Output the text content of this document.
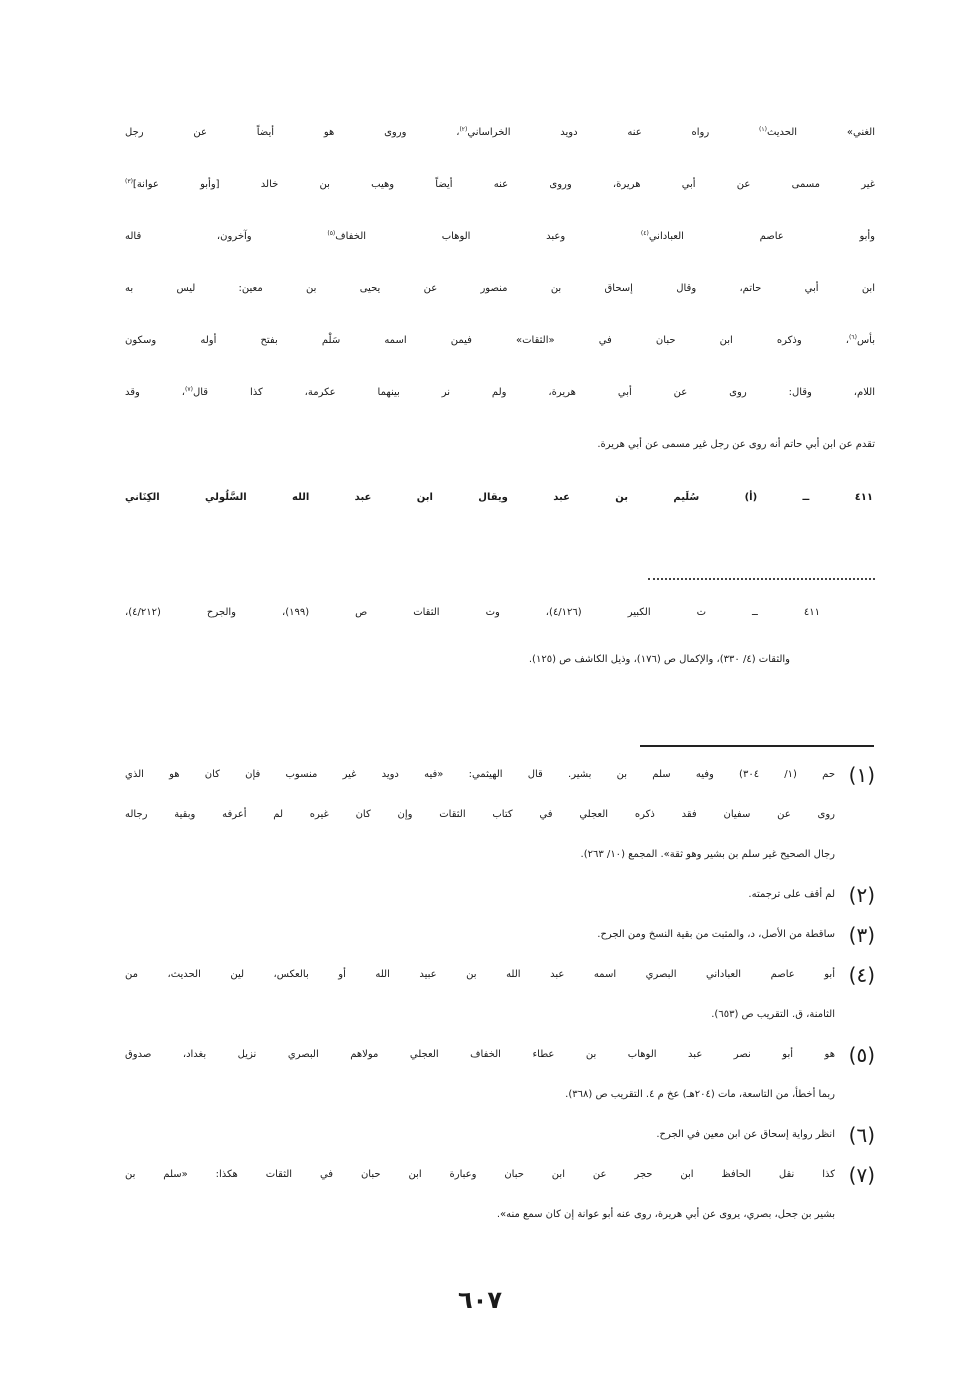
الغني» الحديث$^{(١)}$ رواه عنه دويد الخراساني$^{(٢)}$، وروى هو أيضاً عن رجل
غير مسمى عن أبي هريرة، وروى عنه أيضاً وهيب بن خالد [وأبو عوانة]$^{(٣)}$
وأبو عاصم العباداني$^{(٤)}$ وعبد الوهاب الخفاف$^{(٥)}$ وآخرون، قاله
ابن أبي حاتم، وقال إسحاق بن منصور عن يحيى بن معين: ليس به
بأس$^{(٦)}$، وذكره ابن حبان في «الثقات» فيمن اسمه سَلْم بفتح أوله وسكون
اللام، وقال: روى عن أبي هريرة، ولم نر بينهما عكرمة، كذا قال$^{(٧)}$، وقد
تقدم عن ابن أبي حاتم أنه روى عن رجل غير مسمى عن أبي هريرة.
٤١١ ــ (أ) سُلَيم بن عبد ويقال ابن عبد الله السَّلُولي الكِنَاني
٤١١ ــ ت الكبير (٤/١٢٦)، وت الثقات ص (١٩٩)، والجرح (٤/٢١٢)،
والثقات (٤/ ٣٣٠)، والإكمال ص (١٧٦)، وذيل الكاشف ص (١٢٥).
(١)
حم (١/ ٣٠٤) وفيه سلم بن بشير. قال الهيثمي: «فيه دويد غير منسوب فإن كان هو الذي
روى عن سفيان فقد ذكره العجلي في كتاب الثقات وإن كان غيره لم أعرفه وبقية رجاله
رجال الصحيح غير سلم بن بشير وهو ثقة». المجمع (١٠/ ٢٦٣).
(٢)
لم أقف على ترجمته.
(٣)
ساقطة من الأصل، د، والمثبت من بقية النسخ ومن الجرح.
(٤)
أبو عاصم العباداني البصري اسمه عبد الله بن عبيد الله أو بالعكس، لين الحديث، من
الثامنة، ق. التقريب ص (٦٥٣).
(٥)
هو أبو نصر عبد الوهاب بن عطاء الخفاف العجلي مولاهم البصري نزيل بغداد، صدوق
ربما أخطأ، من التاسعة، مات (٢٠٤هـ) عخ م ٤. التقريب ص (٣٦٨).
(٦)
انظر رواية إسحاق عن ابن معين في الجرح.
(٧)
كذا نقل الحافظ ابن حجر عن ابن حبان وعبارة ابن حبان في الثقات هكذا: «سلم بن
بشير بن جحل، بصري، يروى عن أبي هريرة، روى عنه أبو عوانة إن كان سمع منه».
٦٠٧
